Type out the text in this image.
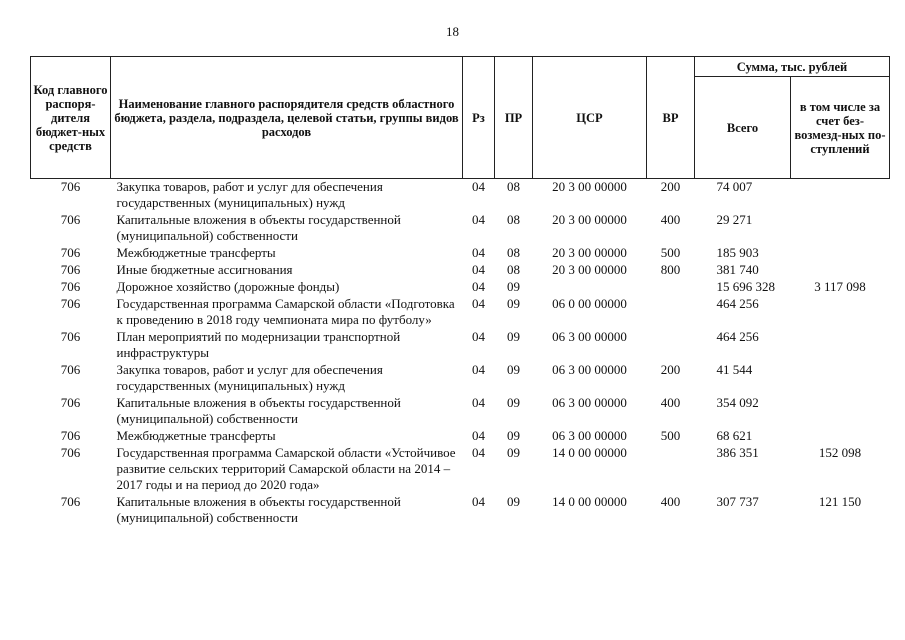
18
Код главного распоря-дителя бюджет-ных средств	Наименование главного распорядителя средств областного бюджета, раздела, подраздела, целевой статьи, группы видов расходов	Рз	ПР	ЦСР	ВР	Сумма, тыс. рублей	
						Всего	в том числе за счет без-возмезд-ных по-ступлений
706	Закупка товаров, работ и услуг для обеспечения государственных (муниципальных) нужд	04	08	20 3 00 00000	200	74 007	
706	Капитальные вложения в объекты государственной (муниципальной) собственности	04	08	20 3 00 00000	400	29 271	
706	Межбюджетные трансферты	04	08	20 3 00 00000	500	185 903	
706	Иные бюджетные ассигнования	04	08	20 3 00 00000	800	381 740	
706	Дорожное хозяйство (дорожные фонды)	04	09			15 696 328	3 117 098
706	Государственная программа Самарской области «Подготовка к проведению в 2018 году чемпионата мира по футболу»	04	09	06 0 00 00000		464 256	
706	План мероприятий по модернизации транспортной инфраструктуры	04	09	06 3 00 00000		464 256	
706	Закупка товаров, работ и услуг для обеспечения государственных (муниципальных) нужд	04	09	06 3 00 00000	200	41 544	
706	Капитальные вложения в объекты государственной (муниципальной) собственности	04	09	06 3 00 00000	400	354 092	
706	Межбюджетные трансферты	04	09	06 3 00 00000	500	68 621	
706	Государственная программа Самарской области «Устойчивое развитие сельских территорий Самарской области на 2014 – 2017 годы и на период до 2020 года»	04	09	14 0 00 00000		386 351	152 098
706	Капитальные вложения в объекты государственной (муниципальной) собственности	04	09	14 0 00 00000	400	307 737	121 150
